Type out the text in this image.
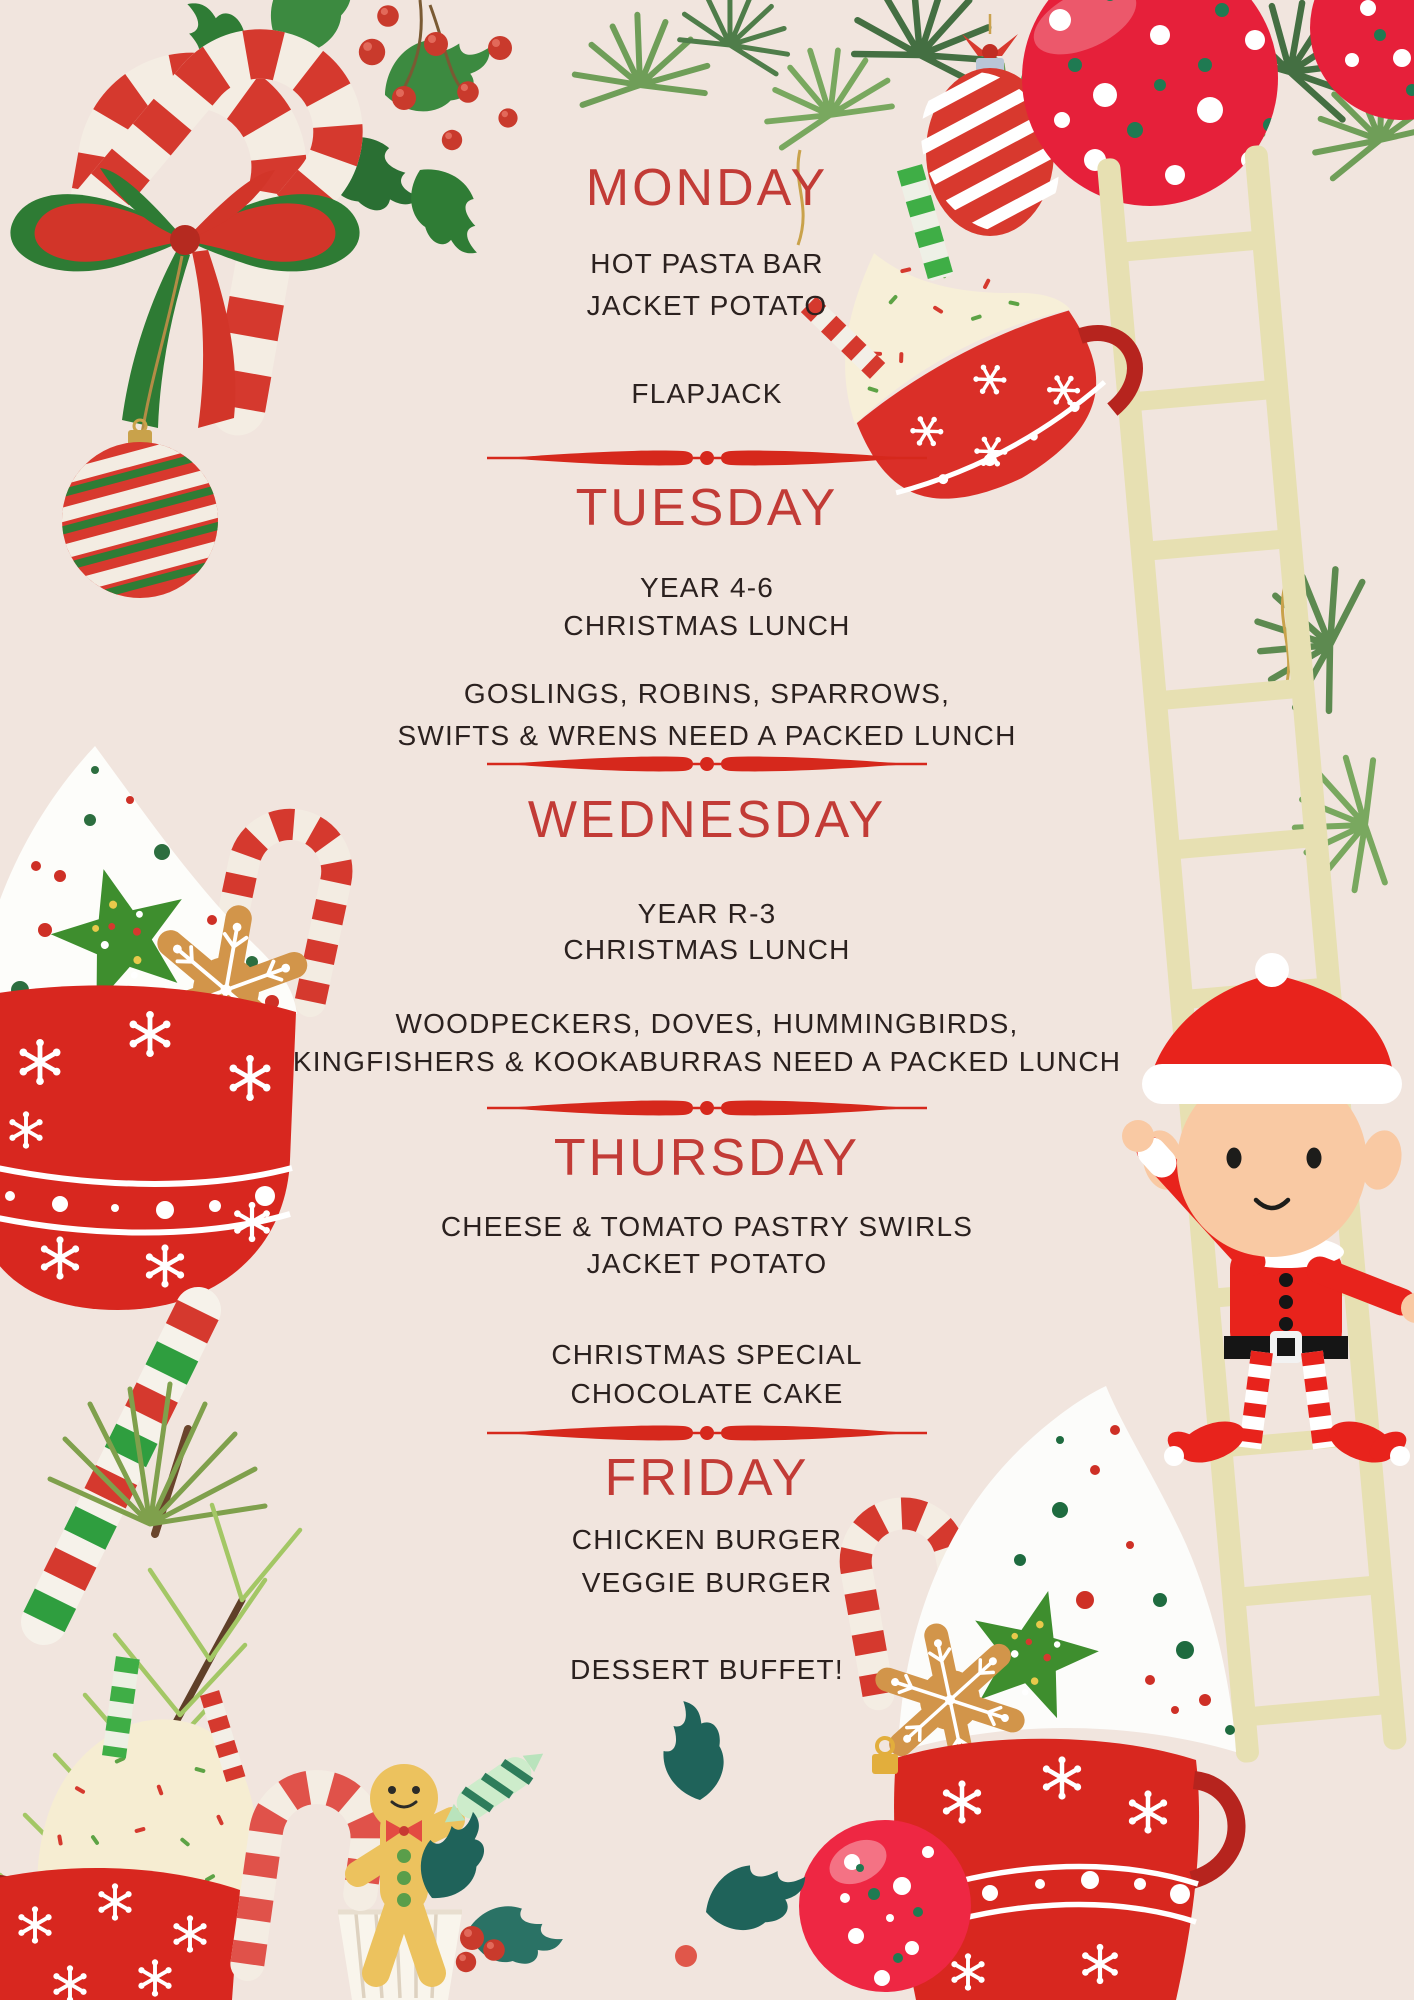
MONDAY
HOT PASTA BAR
JACKET POTATO
FLAPJACK
TUESDAY
YEAR 4-6
CHRISTMAS LUNCH
GOSLINGS, ROBINS, SPARROWS,
SWIFTS & WRENS NEED A PACKED LUNCH
WEDNESDAY
YEAR R-3
CHRISTMAS LUNCH
WOODPECKERS, DOVES, HUMMINGBIRDS,
KINGFISHERS & KOOKABURRAS NEED A PACKED LUNCH
THURSDAY
CHEESE & TOMATO PASTRY SWIRLS
JACKET POTATO
CHRISTMAS SPECIAL
CHOCOLATE CAKE
FRIDAY
CHICKEN BURGER
VEGGIE BURGER
DESSERT BUFFET!
